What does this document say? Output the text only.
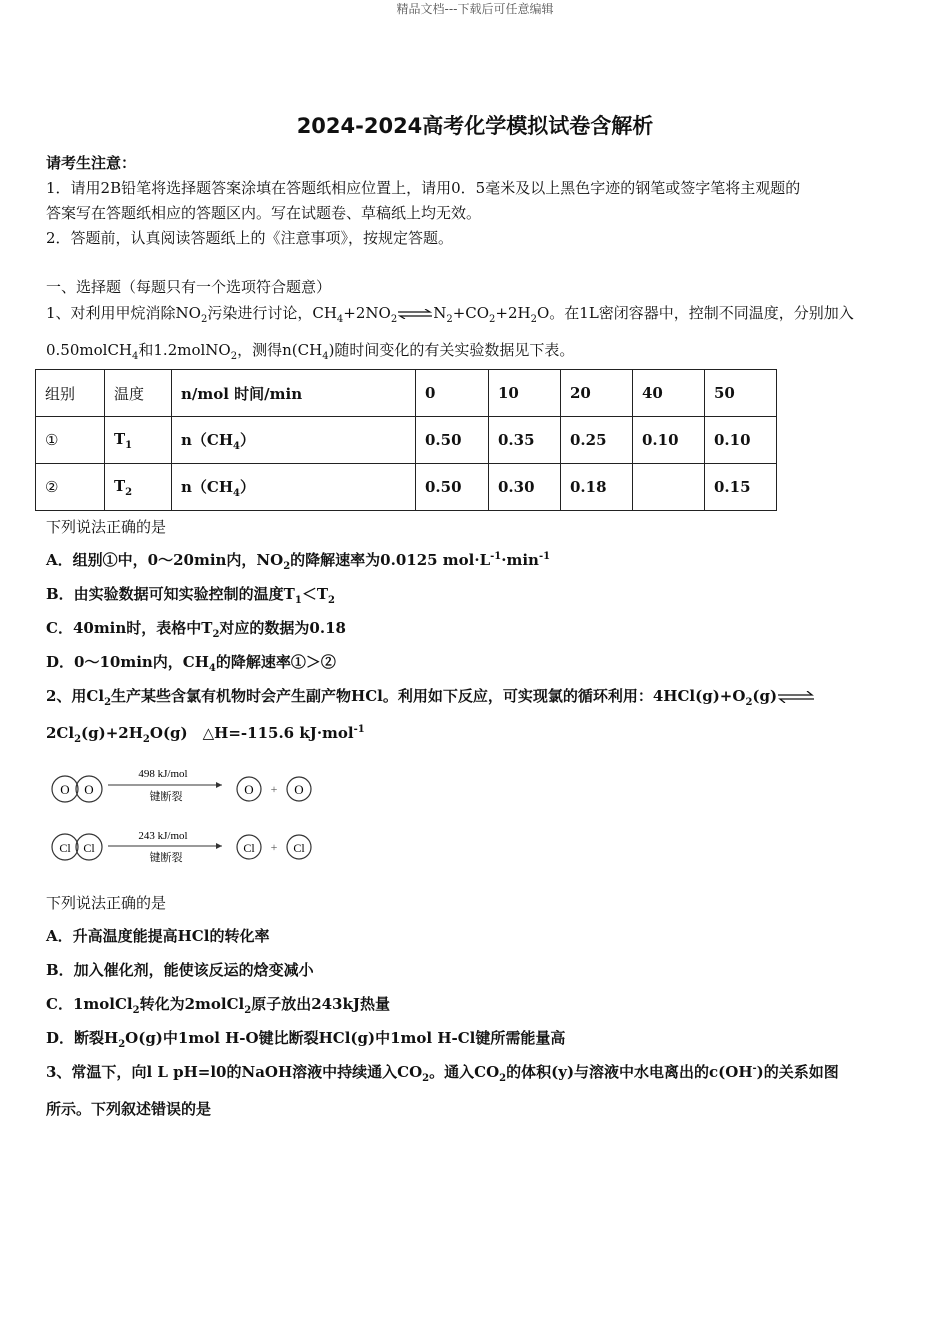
精品文档---下载后可任意编辑
2024-2024高考化学模拟试卷含解析
请考生注意：
1．请用2B铅笔将选择题答案涂填在答题纸相应位置上，请用0．5毫米及以上黑色字迹的钢笔或签字笔将主观题的
答案写在答题纸相应的答题区内。写在试题卷、草稿纸上均无效。
2．答题前，认真阅读答题纸上的《注意事项》，按规定答题。
一、选择题（每题只有一个选项符合题意）
1、对利用甲烷消除$NO_2$污染进行讨论，$CH_4+2NO_2\rightleftharpoons N_2+CO_2+2H_2O$。在1L密闭容器中，控制不同温度，分别加入
0.50molCH$_4$和1.2molNO$_2$，测得$n(CH_4)$随时间变化的有关实验数据见下表。
组别	温度	n/mol 时间/min	0	10	20	40	50
①	$T_1$	$n(CH_4)$	0.50	0.35	0.25	0.10	0.10
②	$T_2$	$n(CH_4)$	0.50	0.30	0.18		0.15
下列说法正确的是
A．组别①中，0～20min内，$NO_2$的降解速率为0.0125 $mol\cdot L^{-1}\cdot\min^{-1}$
B．由实验数据可知实验控制的温度$T_1<T_2$
C．40min时，表格中$T_2$对应的数据为0.18
D．0～10min内，$CH_4$的降解速率①＞②
2、用$Cl_2$生产某些含氯有机物时会产生副产物HCl。利用如下反应，可实现氯的循环利用：$4HCl(g)+O_2(g)\rightleftharpoons$
$2Cl_2(g)+2H_2O(g)$　△H=-115.6 kJ·mol$^{-1}$
O O
498 kJ/mol
键断裂	O + O
Cl Cl
243 kJ/mol
键断裂
Cl + Cl
下列说法正确的是
A．升高温度能提高HCl的转化率
B．加入催化剂，能使该反运的焓变减小
C．1molCl$_2$转化为2molCl$_2$原子放出243kJ热量
D．断裂$H_2O(g)$中1mol H-O键比断裂HCl(g)中1mol H-Cl键所需能量高
3、常温下，向l L pH=l0的NaOH溶液中持续通入$CO_2$。通入$CO_2$的体积(y)与溶液中水电离出的c(OH-)的关系如图
所示。下列叙述错误的是
